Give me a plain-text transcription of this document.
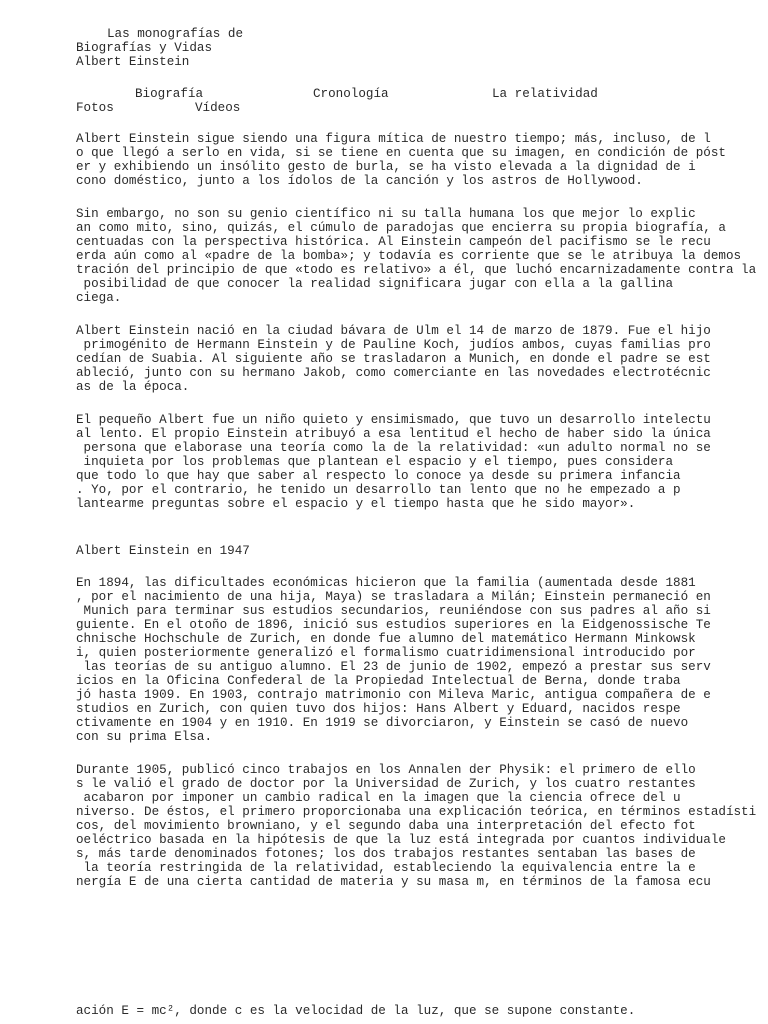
Las monografías de
Biografías y Vidas
Albert Einstein
Biografía	Cronología	La relatividad
Fotos	Vídeos
Albert Einstein sigue siendo una figura mítica de nuestro tiempo; más, incluso, de l
o que llegó a serlo en vida, si se tiene en cuenta que su imagen, en condición de póst
er y exhibiendo un insólito gesto de burla, se ha visto elevada a la dignidad de i
cono doméstico, junto a los ídolos de la canción y los astros de Hollywood.
Sin embargo, no son su genio científico ni su talla humana los que mejor lo explic
an como mito, sino, quizás, el cúmulo de paradojas que encierra su propia biografía, a
centuadas con la perspectiva histórica. Al Einstein campeón del pacifismo se le recu
erda aún como al «padre de la bomba»; y todavía es corriente que se le atribuya la demos
tración del principio de que «todo es relativo» a él, que luchó encarnizadamente contra la
posibilidad de que conocer la realidad significara jugar con ella a la gallina
ciega.
Albert Einstein nació en la ciudad bávara de Ulm el 14 de marzo de 1879. Fue el hijo
primogénito de Hermann Einstein y de Pauline Koch, judíos ambos, cuyas familias pro
cedían de Suabia. Al siguiente año se trasladaron a Munich, en donde el padre se est
ableció, junto con su hermano Jakob, como comerciante en las novedades electrotécnic
as de la época.
El pequeño Albert fue un niño quieto y ensimismado, que tuvo un desarrollo intelectu
al lento. El propio Einstein atribuyó a esa lentitud el hecho de haber sido la única
persona que elaborase una teoría como la de la relatividad: «un adulto normal no se
inquieta por los problemas que plantean el espacio y el tiempo, pues considera
que todo lo que hay que saber al respecto lo conoce ya desde su primera infancia
. Yo, por el contrario, he tenido un desarrollo tan lento que no he empezado a p
lantearme preguntas sobre el espacio y el tiempo hasta que he sido mayor».
Albert Einstein en 1947
En 1894, las dificultades económicas hicieron que la familia (aumentada desde 1881
, por el nacimiento de una hija, Maya) se trasladara a Milán; Einstein permaneció en
Munich para terminar sus estudios secundarios, reuniéndose con sus padres al año si
guiente. En el otoño de 1896, inició sus estudios superiores en la Eidgenossische Te
chnische Hochschule de Zurich, en donde fue alumno del matemático Hermann Minkowsk
i, quien posteriormente generalizó el formalismo cuatridimensional introducido por
las teorías de su antiguo alumno. El 23 de junio de 1902, empezó a prestar sus serv
icios en la Oficina Confederal de la Propiedad Intelectual de Berna, donde traba
jó hasta 1909. En 1903, contrajo matrimonio con Mileva Maric, antigua compañera de e
studios en Zurich, con quien tuvo dos hijos: Hans Albert y Eduard, nacidos respe
ctivamente en 1904 y en 1910. En 1919 se divorciaron, y Einstein se casó de nuevo
con su prima Elsa.
Durante 1905, publicó cinco trabajos en los Annalen der Physik: el primero de ello
s le valió el grado de doctor por la Universidad de Zurich, y los cuatro restantes
acabaron por imponer un cambio radical en la imagen que la ciencia ofrece del u
niverso. De éstos, el primero proporcionaba una explicación teórica, en términos estadísti
cos, del movimiento browniano, y el segundo daba una interpretación del efecto fot
oeléctrico basada en la hipótesis de que la luz está integrada por cuantos individuale
s, más tarde denominados fotones; los dos trabajos restantes sentaban las bases de
la teoría restringida de la relatividad, estableciendo la equivalencia entre la e
nergía E de una cierta cantidad de materia y su masa m, en términos de la famosa ecu
ación E = mc², donde c es la velocidad de la luz, que se supone constante.
